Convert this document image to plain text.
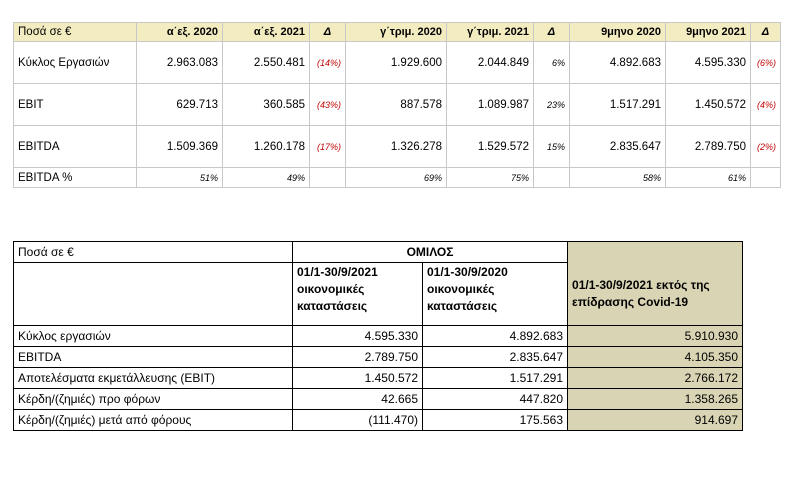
Ποσά σε €	α΄εξ. 2020	α΄εξ. 2021	Δ	γ΄τριμ. 2020	γ΄τριμ. 2021	Δ	9μηνο 2020	9μηνο 2021	Δ
Κύκλος Εργασιών	2.963.083	2.550.481	(14%)	1.929.600	2.044.849	6%	4.892.683	4.595.330	(6%)
EBIT	629.713	360.585	(43%)	887.578	1.089.987	23%	1.517.291	1.450.572	(4%)
EBITDA	1.509.369	1.260.178	(17%)	1.326.278	1.529.572	15%	2.835.647	2.789.750	(2%)
EBITDA %	51%	49%		69%	75%		58%	61%	
Ποσά σε €	ΟΜΙΛΟΣ		
	01/1-30/9/2021 οικονομικές καταστάσεις	01/1-30/9/2020 οικονομικές καταστάσεις	01/1-30/9/2021 εκτός της επίδρασης Covid-19
Κύκλος εργασιών	4.595.330	4.892.683	5.910.930
EBITDA	2.789.750	2.835.647	4.105.350
Αποτελέσματα εκμετάλλευσης (EBIT)	1.450.572	1.517.291	2.766.172
Κέρδη/(ζημιές) προ φόρων	42.665	447.820	1.358.265
Κέρδη/(ζημιές) μετά από φόρους	(111.470)	175.563	914.697
